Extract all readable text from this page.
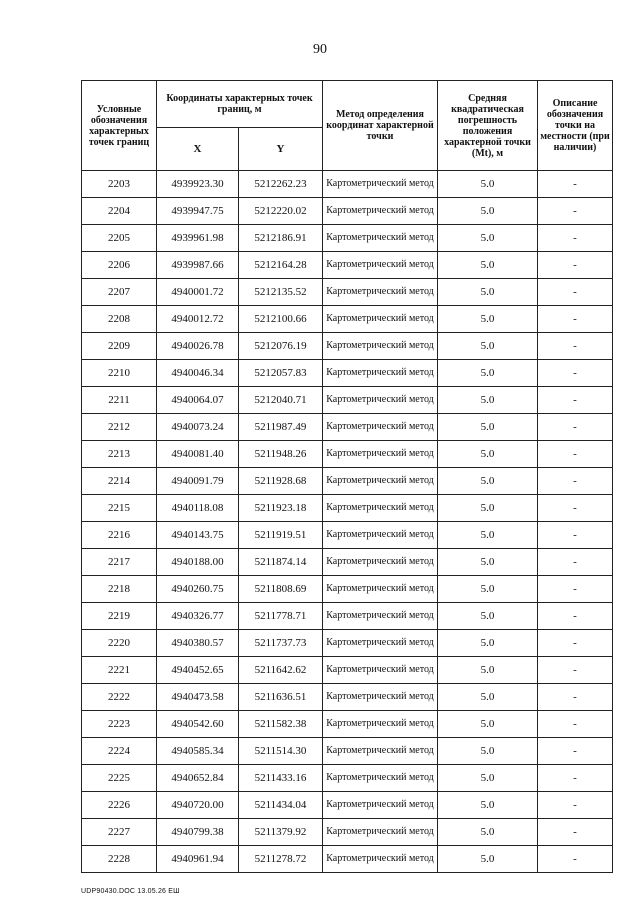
90
Условные обозначения характерных точек границ	Координаты характерных точек границ, м		Метод определения координат характерной точки	Средняя квадратическая погрешность положения характерной точки (Mt), м	Описание обозначения точки на местности (при наличии)
	X	Y			
2203	4939923.30	5212262.23	Картометрический метод	5.0	-
2204	4939947.75	5212220.02	Картометрический метод	5.0	-
2205	4939961.98	5212186.91	Картометрический метод	5.0	-
2206	4939987.66	5212164.28	Картометрический метод	5.0	-
2207	4940001.72	5212135.52	Картометрический метод	5.0	-
2208	4940012.72	5212100.66	Картометрический метод	5.0	-
2209	4940026.78	5212076.19	Картометрический метод	5.0	-
2210	4940046.34	5212057.83	Картометрический метод	5.0	-
2211	4940064.07	5212040.71	Картометрический метод	5.0	-
2212	4940073.24	5211987.49	Картометрический метод	5.0	-
2213	4940081.40	5211948.26	Картометрический метод	5.0	-
2214	4940091.79	5211928.68	Картометрический метод	5.0	-
2215	4940118.08	5211923.18	Картометрический метод	5.0	-
2216	4940143.75	5211919.51	Картометрический метод	5.0	-
2217	4940188.00	5211874.14	Картометрический метод	5.0	-
2218	4940260.75	5211808.69	Картометрический метод	5.0	-
2219	4940326.77	5211778.71	Картометрический метод	5.0	-
2220	4940380.57	5211737.73	Картометрический метод	5.0	-
2221	4940452.65	5211642.62	Картометрический метод	5.0	-
2222	4940473.58	5211636.51	Картометрический метод	5.0	-
2223	4940542.60	5211582.38	Картометрический метод	5.0	-
2224	4940585.34	5211514.30	Картометрический метод	5.0	-
2225	4940652.84	5211433.16	Картометрический метод	5.0	-
2226	4940720.00	5211434.04	Картометрический метод	5.0	-
2227	4940799.38	5211379.92	Картометрический метод	5.0	-
2228	4940961.94	5211278.72	Картометрический метод	5.0	-
UDP90430.DOC 13.05.26 ЕШ
